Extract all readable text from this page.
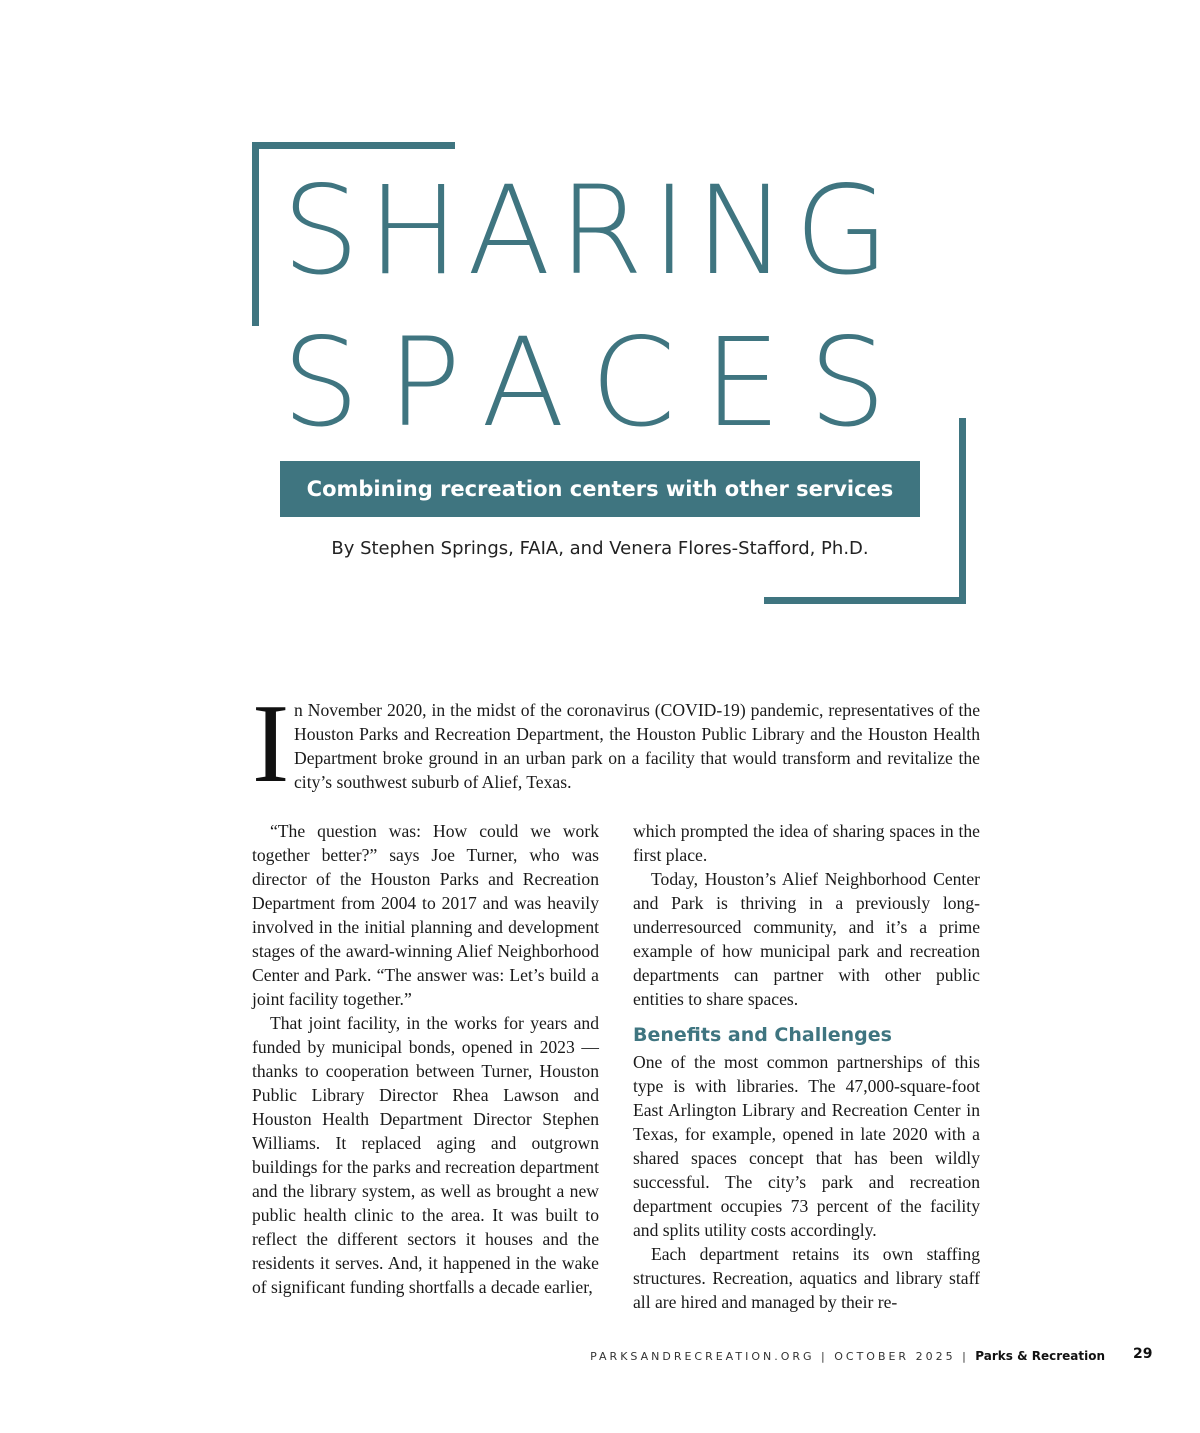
SHARING
SPACES
Combining recreation centers with other services
By Stephen Springs, FAIA, and Venera Flores-Stafford, Ph.D.
I n November 2020, in the midst of the coronavirus (COVID-19) pandemic, representatives of the Houston Parks and Recreation Department, the Houston Public Library and the Houston Health Department broke ground in an urban park on a facility that would transform and revitalize the city’s southwest suburb of Alief, Texas.

“The question was: How could we work together better?” says Joe Turner, who was director of the Houston Parks and Recreation Department from 2004 to 2017 and was heavily involved in the initial planning and development stages of the award-winning Alief Neighborhood Center and Park. “The answer was: Let’s build a joint facility together.”

That joint facility, in the works for years and funded by municipal bonds, opened in 2023 — thanks to cooperation between Turner, Houston Public Library Director Rhea Lawson and Houston Health Department Director Stephen Williams. It replaced aging and outgrown buildings for the parks and recreation department and the library system, as well as brought a new public health clinic to the area. It was built to reflect the different sectors it houses and the residents it serves. And, it happened in the wake of significant funding shortfalls a decade earlier,

which prompted the idea of sharing spaces in the first place.

Today, Houston’s Alief Neighborhood Center and Park is thriving in a previously long-underresourced community, and it’s a prime example of how municipal park and recreation departments can partner with other public entities to share spaces.

Benefits and Challenges

One of the most common partnerships of this type is with libraries. The 47,000-square-foot East Arlington Library and Recreation Center in Texas, for example, opened in late 2020 with a shared spaces concept that has been wildly successful. The city’s park and recreation department occupies 73 percent of the facility and splits utility costs accordingly.

Each department retains its own staffing structures. Recreation, aquatics and library staff all are hired and managed by their re-

PARKSANDRECREATION.ORG | OCTOBER 2025 | Parks & Recreation 29
